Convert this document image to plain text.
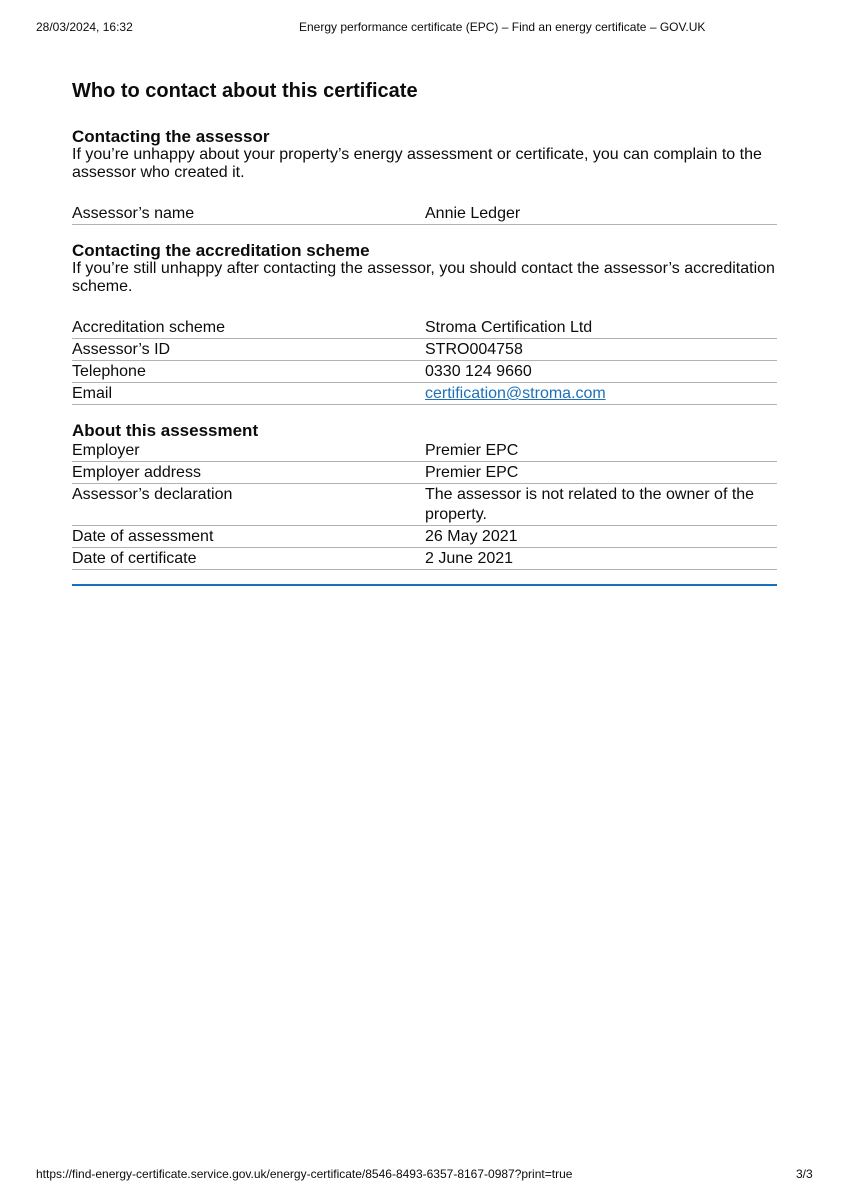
28/03/2024, 16:32	Energy performance certificate (EPC) – Find an energy certificate – GOV.UK
Who to contact about this certificate
Contacting the assessor

If you’re unhappy about your property’s energy assessment or certificate, you can complain to the assessor who created it.

Assessor’s name	Annie Ledger
Contacting the accreditation scheme

If you’re still unhappy after contacting the assessor, you should contact the assessor’s accreditation scheme.

Accreditation scheme	Stroma Certification Ltd
Assessor’s ID	STRO004758
Telephone	0330 124 9660
Email	certification@stroma.com
About this assessment
Employer	Premier EPC
Employer address	Premier EPC
Assessor’s declaration	The assessor is not related to the owner of the property.
Date of assessment	26 May 2021
Date of certificate	2 June 2021
https://find-energy-certificate.service.gov.uk/energy-certificate/8546-8493-6357-8167-0987?print=true	3/3
